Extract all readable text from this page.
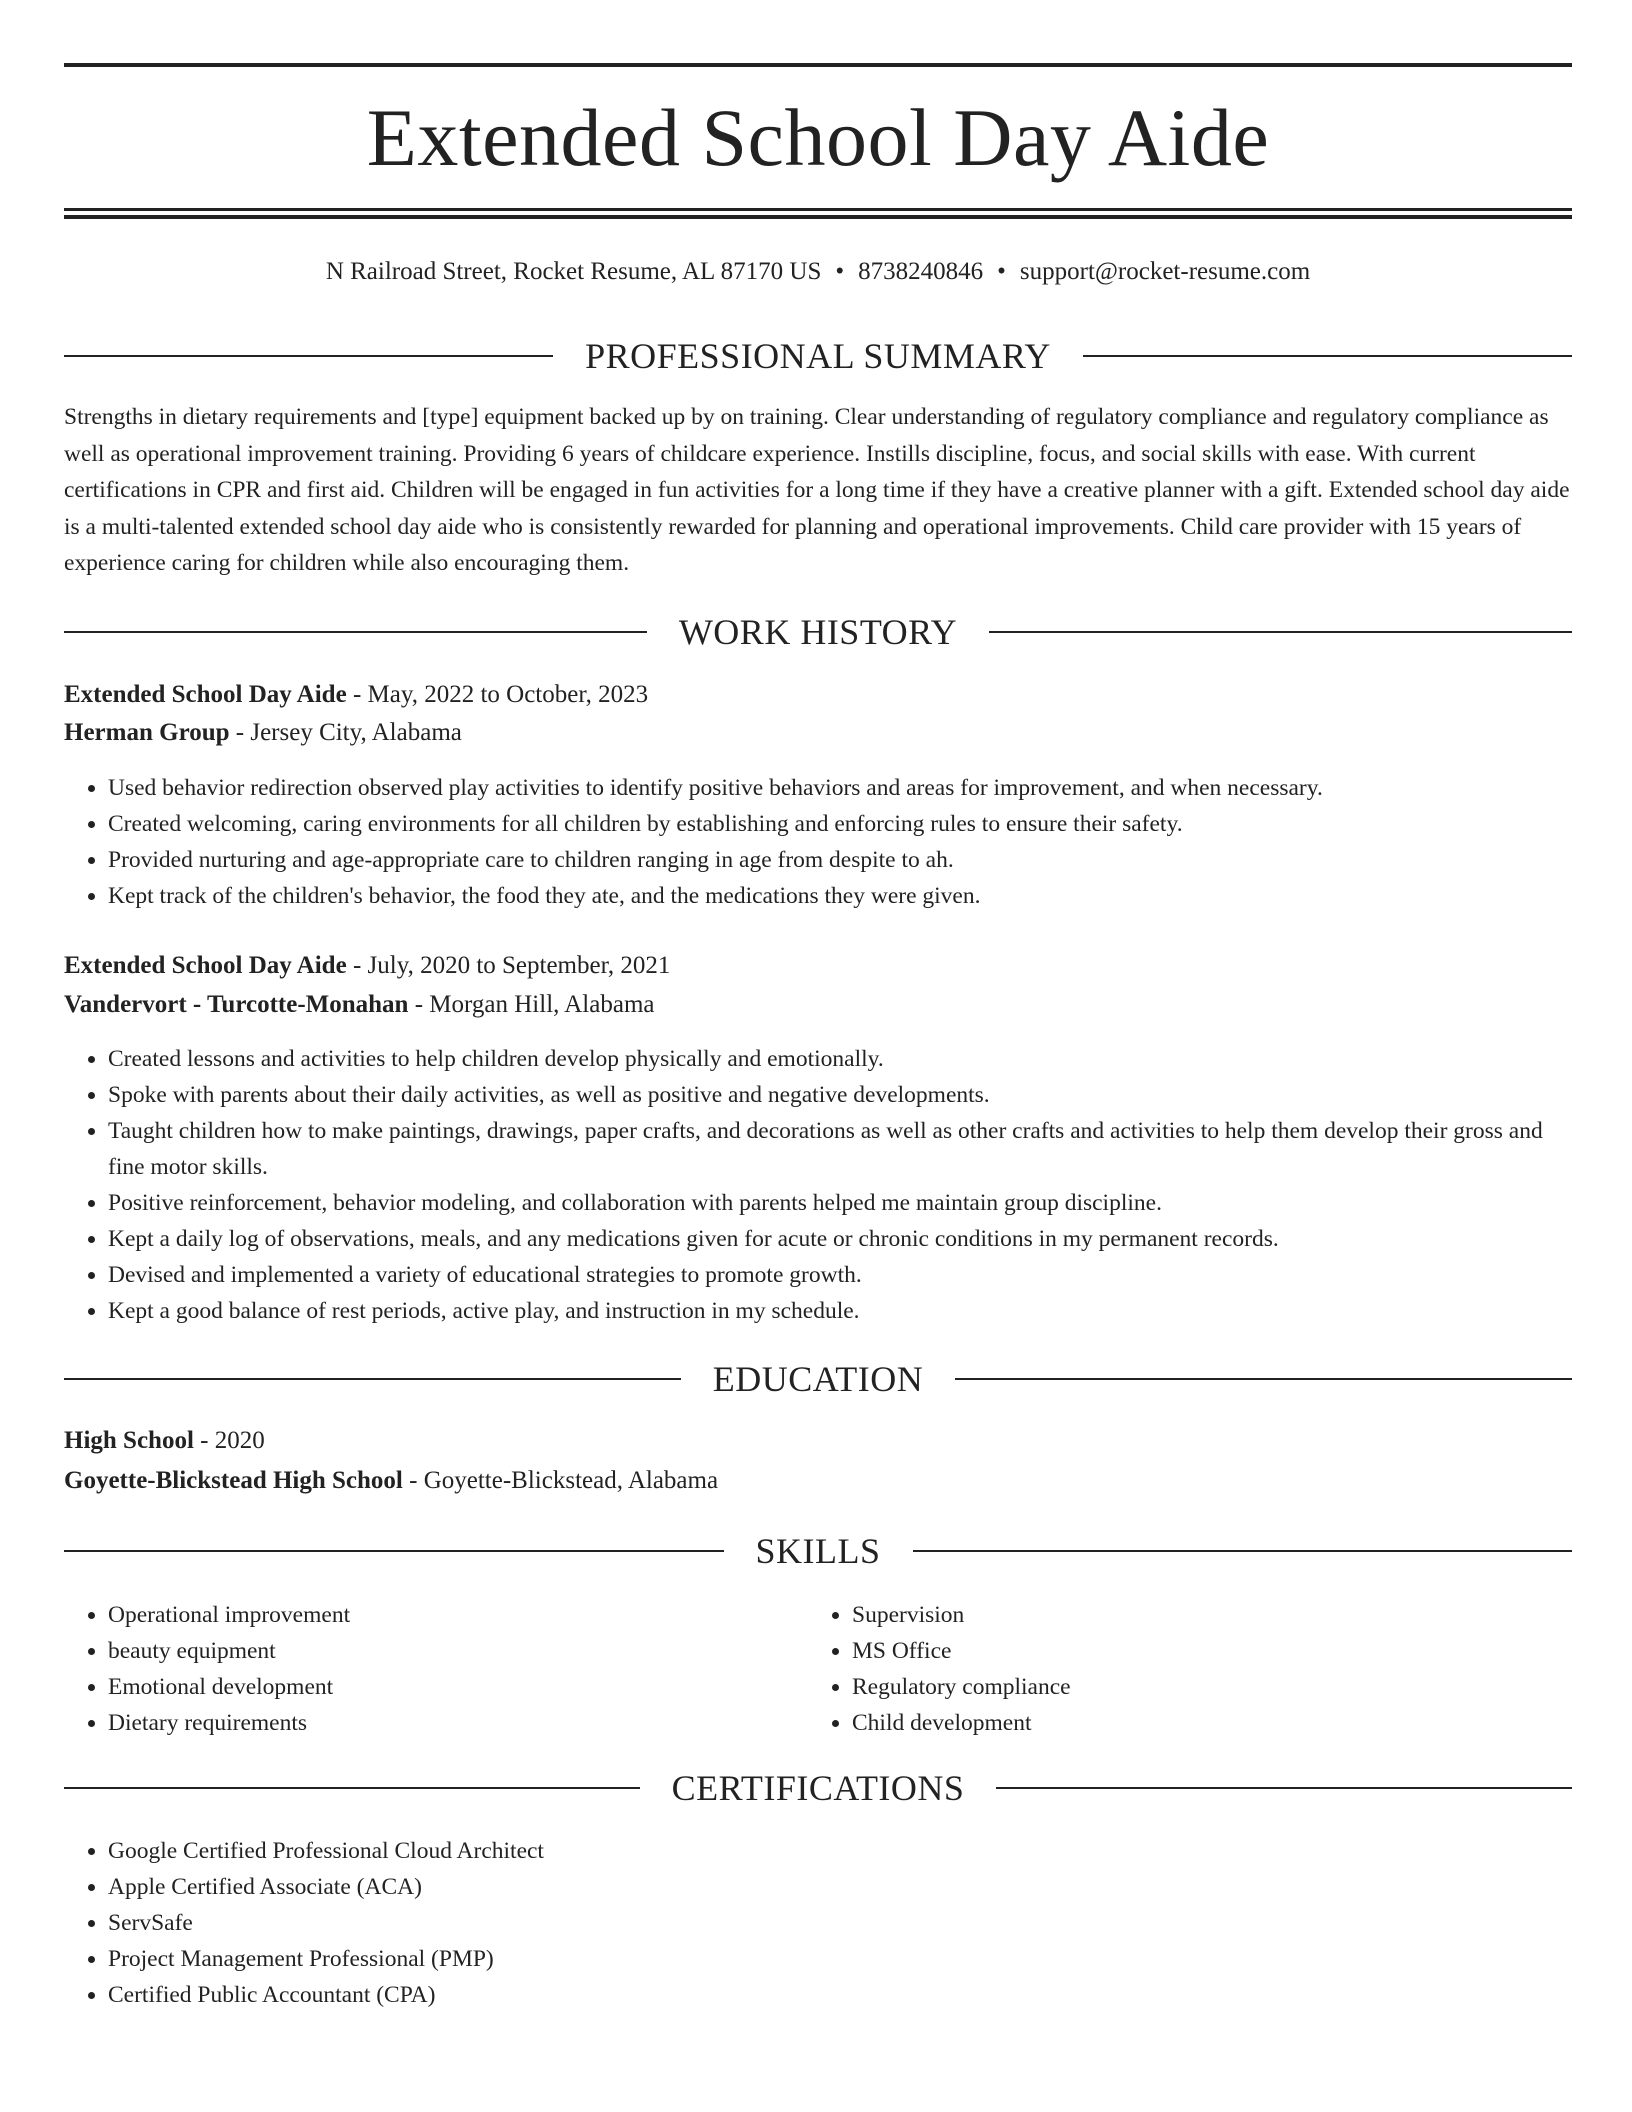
Extended School Day Aide
N Railroad Street, Rocket Resume, AL 87170 US • 8738240846 • support@rocket-resume.com
PROFESSIONAL SUMMARY

Strengths in dietary requirements and [type] equipment backed up by on training. Clear understanding of regulatory compliance and regulatory compliance as well as operational improvement training. Providing 6 years of childcare experience. Instills discipline, focus, and social skills with ease. With current certifications in CPR and first aid. Children will be engaged in fun activities for a long time if they have a creative planner with a gift. Extended school day aide is a multi-talented extended school day aide who is consistently rewarded for planning and operational improvements. Child care provider with 15 years of experience caring for children while also encouraging them.

WORK HISTORY
Extended School Day Aide - May, 2022 to October, 2023
Herman Group - Jersey City, Alabama
• Used behavior redirection observed play activities to identify positive behaviors and areas for improvement, and when necessary.
• Created welcoming, caring environments for all children by establishing and enforcing rules to ensure their safety.
• Provided nurturing and age-appropriate care to children ranging in age from despite to ah.
• Kept track of the children's behavior, the food they ate, and the medications they were given.
Extended School Day Aide - July, 2020 to September, 2021
Vandervort - Turcotte-Monahan - Morgan Hill, Alabama
• Created lessons and activities to help children develop physically and emotionally.
• Spoke with parents about their daily activities, as well as positive and negative developments.
• Taught children how to make paintings, drawings, paper crafts, and decorations as well as other crafts and activities to help them develop their gross and fine motor skills.
• Positive reinforcement, behavior modeling, and collaboration with parents helped me maintain group discipline.
• Kept a daily log of observations, meals, and any medications given for acute or chronic conditions in my permanent records.
• Devised and implemented a variety of educational strategies to promote growth.
• Kept a good balance of rest periods, active play, and instruction in my schedule.
EDUCATION
High School - 2020
Goyette-Blickstead High School - Goyette-Blickstead, Alabama
SKILLS
• Operational improvement
• beauty equipment
• Emotional development
• Dietary requirements
• Supervision
• MS Office
• Regulatory compliance
• Child development
CERTIFICATIONS
• Google Certified Professional Cloud Architect
• Apple Certified Associate (ACA)
• ServSafe
• Project Management Professional (PMP)
• Certified Public Accountant (CPA)
